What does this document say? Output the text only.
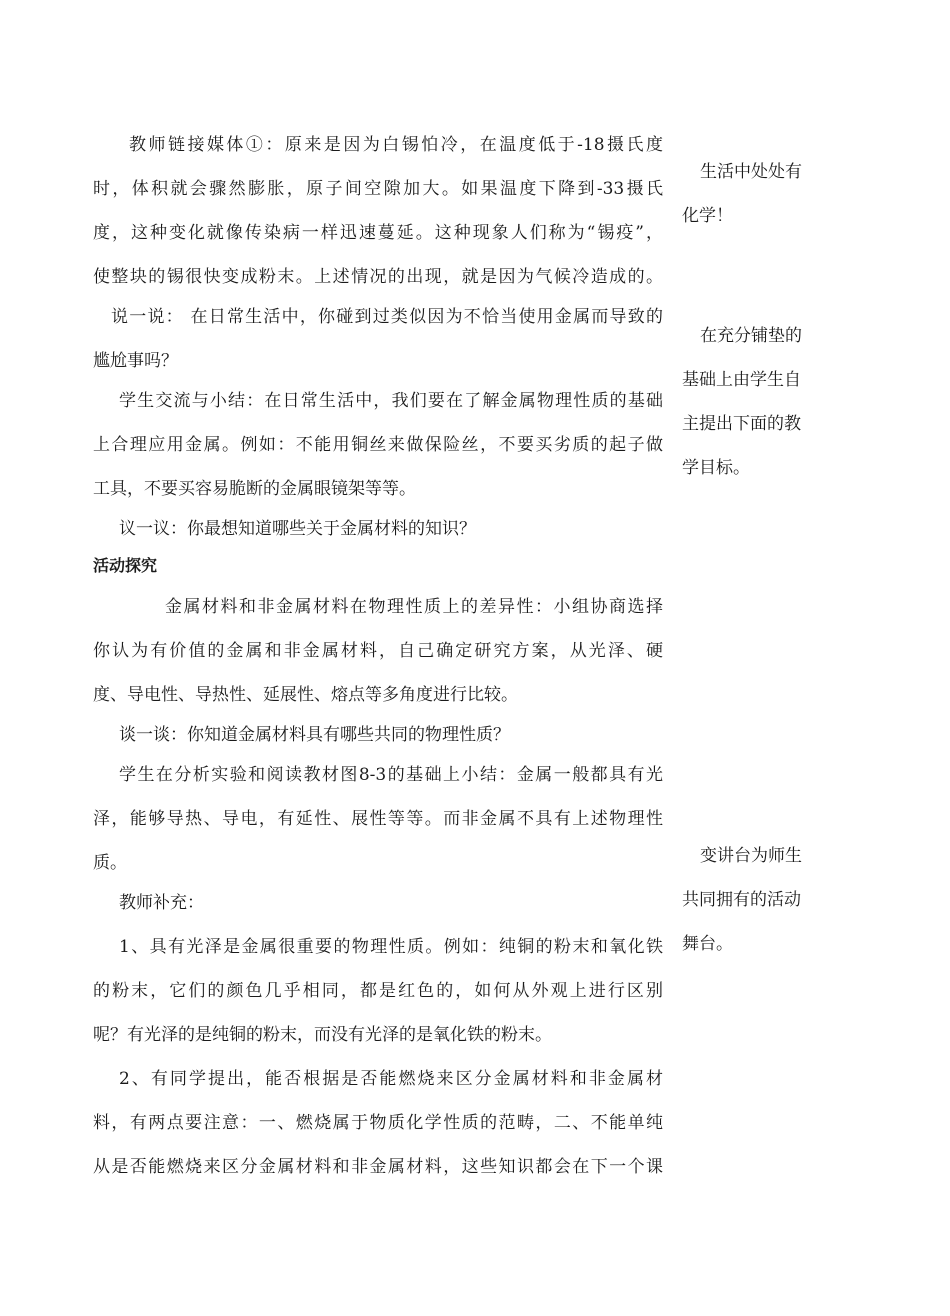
教师链接媒体①：原来是因为白锡怕冷，在温度低于-18摄氏度
时，体积就会骤然膨胀，原子间空隙加大。如果温度下降到-33摄氏
度，这种变化就像传染病一样迅速蔓延。这种现象人们称为“锡疫”，
使整块的锡很快变成粉末。上述情况的出现，就是因为气候冷造成的。
说一说： 在日常生活中，你碰到过类似因为不恰当使用金属而导致的
尴尬事吗？
学生交流与小结：在日常生活中，我们要在了解金属物理性质的基础
上合理应用金属。例如：不能用铜丝来做保险丝，不要买劣质的起子做
工具，不要买容易脆断的金属眼镜架等等。
议一议：你最想知道哪些关于金属材料的知识？
活动探究
金属材料和非金属材料在物理性质上的差异性：小组协商选择
你认为有价值的金属和非金属材料，自己确定研究方案，从光泽、硬
度、导电性、导热性、延展性、熔点等多角度进行比较。
谈一谈：你知道金属材料具有哪些共同的物理性质？
学生在分析实验和阅读教材图8-3的基础上小结：金属一般都具有光
泽，能够导热、导电，有延性、展性等等。而非金属不具有上述物理性
质。
教师补充：
1、具有光泽是金属很重要的物理性质。例如：纯铜的粉末和氧化铁
的粉末，它们的颜色几乎相同，都是红色的，如何从外观上进行区别
呢？有光泽的是纯铜的粉末，而没有光泽的是氧化铁的粉末。
2、有同学提出，能否根据是否能燃烧来区分金属材料和非金属材
料，有两点要注意：一、燃烧属于物质化学性质的范畴，二、不能单纯
从是否能燃烧来区分金属材料和非金属材料，这些知识都会在下一个课
生活中处处有
化学！
在充分铺垫的
基础上由学生自
主提出下面的教
学目标。
变讲台为师生
共同拥有的活动
舞台。
